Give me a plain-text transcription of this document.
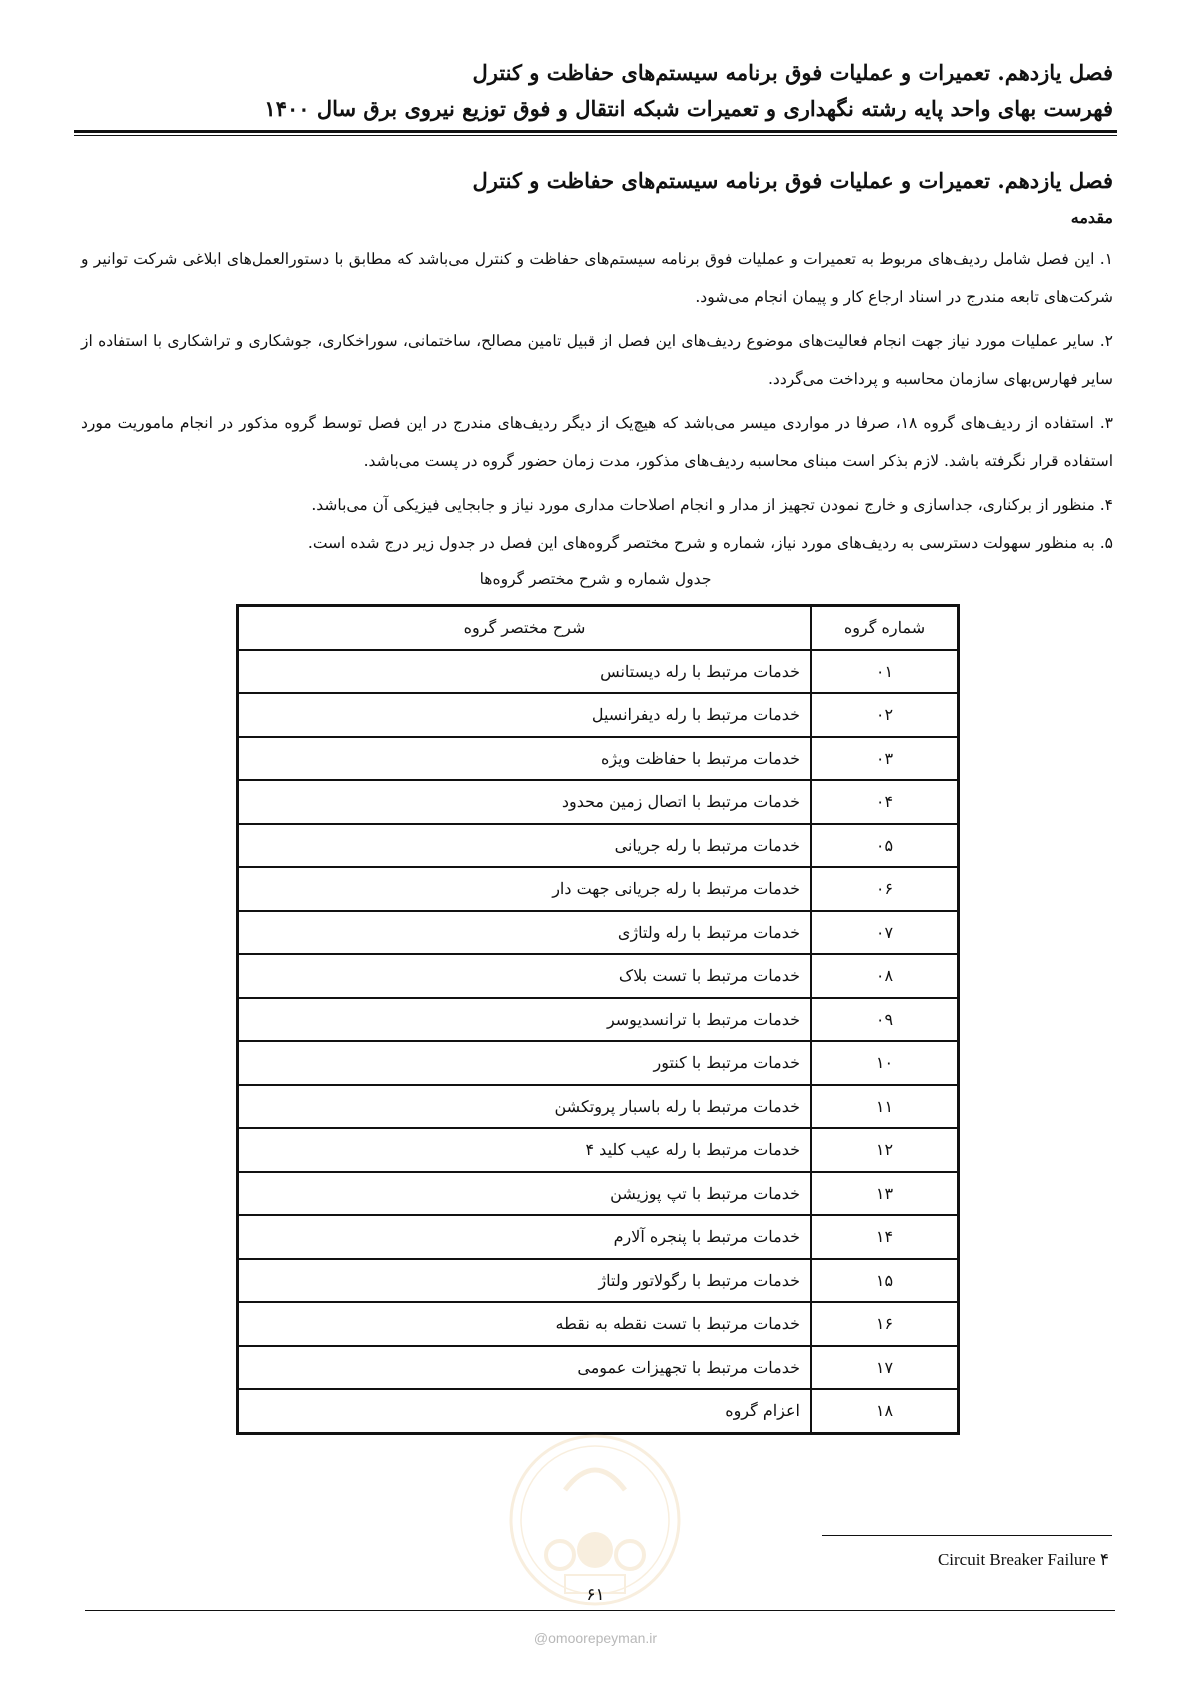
فصل یازدهم. تعمیرات و عملیات فوق برنامه سیستم‌های حفاظت و کنترل
فهرست بهای واحد پایه رشته نگهداری و تعمیرات شبکه انتقال و فوق توزیع نیروی برق سال ۱۴۰۰
فصل یازدهم. تعمیرات و عملیات فوق برنامه سیستم‌های حفاظت و کنترل
مقدمه
۱. این فصل شامل ردیف‌های مربوط به تعمیرات و عملیات فوق برنامه سیستم‌های حفاظت و کنترل می‌باشد که مطابق با دستورالعمل‌های ابلاغی شرکت توانیر و شرکت‌های تابعه مندرج در اسناد ارجاع کار و پیمان انجام می‌شود.
۲. سایر عملیات مورد نیاز جهت انجام فعالیت‌های موضوع ردیف‌های این فصل از قبیل تامین مصالح، ساختمانی، سوراخکاری، جوشکاری و تراشکاری با استفاده از سایر فهارس‌بهای سازمان محاسبه و پرداخت می‌گردد.
۳. استفاده از ردیف‌های گروه ۱۸، صرفا در مواردی میسر می‌باشد که هیچ‌یک از دیگر ردیف‌های مندرج در این فصل توسط گروه مذکور در انجام ماموریت مورد استفاده قرار نگرفته باشد. لازم بذکر است مبنای محاسبه ردیف‌های مذکور، مدت زمان حضور گروه در پست می‌باشد.
۴. منظور از برکناری، جداسازی و خارج نمودن تجهیز از مدار و انجام اصلاحات مداری مورد نیاز و جابجایی فیزیکی آن می‌باشد.
۵. به منظور سهولت دسترسی به ردیف‌های مورد نیاز، شماره و شرح مختصر گروه‌های این فصل در جدول زیر درج شده است.
جدول شماره و شرح مختصر گروه‌ها
شماره گروه	شرح مختصر گروه
۰۱	خدمات مرتبط با رله دیستانس
۰۲	خدمات مرتبط با رله دیفرانسیل
۰۳	خدمات مرتبط با حفاظت ویژه
۰۴	خدمات مرتبط با اتصال زمین محدود
۰۵	خدمات مرتبط با رله جریانی
۰۶	خدمات مرتبط با رله جریانی جهت دار
۰۷	خدمات مرتبط با رله ولتاژی
۰۸	خدمات مرتبط با تست بلاک
۰۹	خدمات مرتبط با ترانسدیوسر
۱۰	خدمات مرتبط با کنتور
۱۱	خدمات مرتبط با رله باسبار پروتکشن
۱۲	خدمات مرتبط با رله عیب کلید ۴
۱۳	خدمات مرتبط با تپ پوزیشن
۱۴	خدمات مرتبط با پنجره آلارم
۱۵	خدمات مرتبط با رگولاتور ولتاژ
۱۶	خدمات مرتبط با تست نقطه به نقطه
۱۷	خدمات مرتبط با تجهیزات عمومی
۱۸	اعزام گروه
Circuit Breaker Failure ۴
۶۱
@omoorepeyman.ir
